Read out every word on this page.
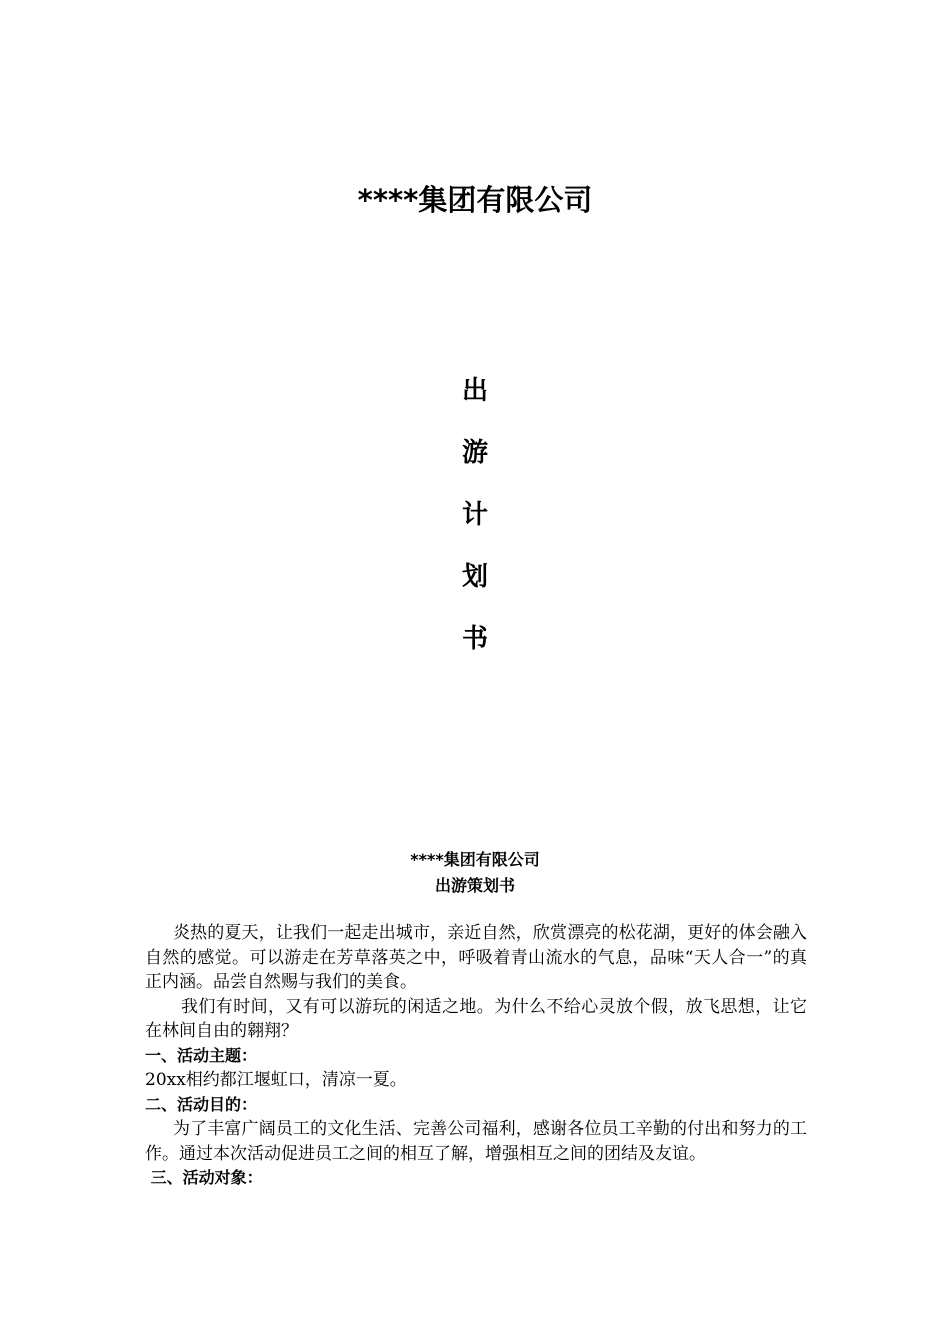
****集团有限公司
出
游
计
划
书
****集团有限公司
出游策划书

炎热的夏天，让我们一起走出城市，亲近自然，欣赏漂亮的松花湖，更好的体会融入自然的感觉。可以游走在芳草落英之中，呼吸着青山流水的气息，品味“天人合一”的真正内涵。品尝自然赐与我们的美食。

我们有时间，又有可以游玩的闲适之地。为什么不给心灵放个假，放飞思想，让它在林间自由的翱翔？

一、活动主题：

20xx相约都江堰虹口，清凉一夏。

二、活动目的：

为了丰富广阔员工的文化生活、完善公司福利，感谢各位员工辛勤的付出和努力的工作。通过本次活动促进员工之间的相互了解，增强相互之间的团结及友谊。

三、活动对象：
